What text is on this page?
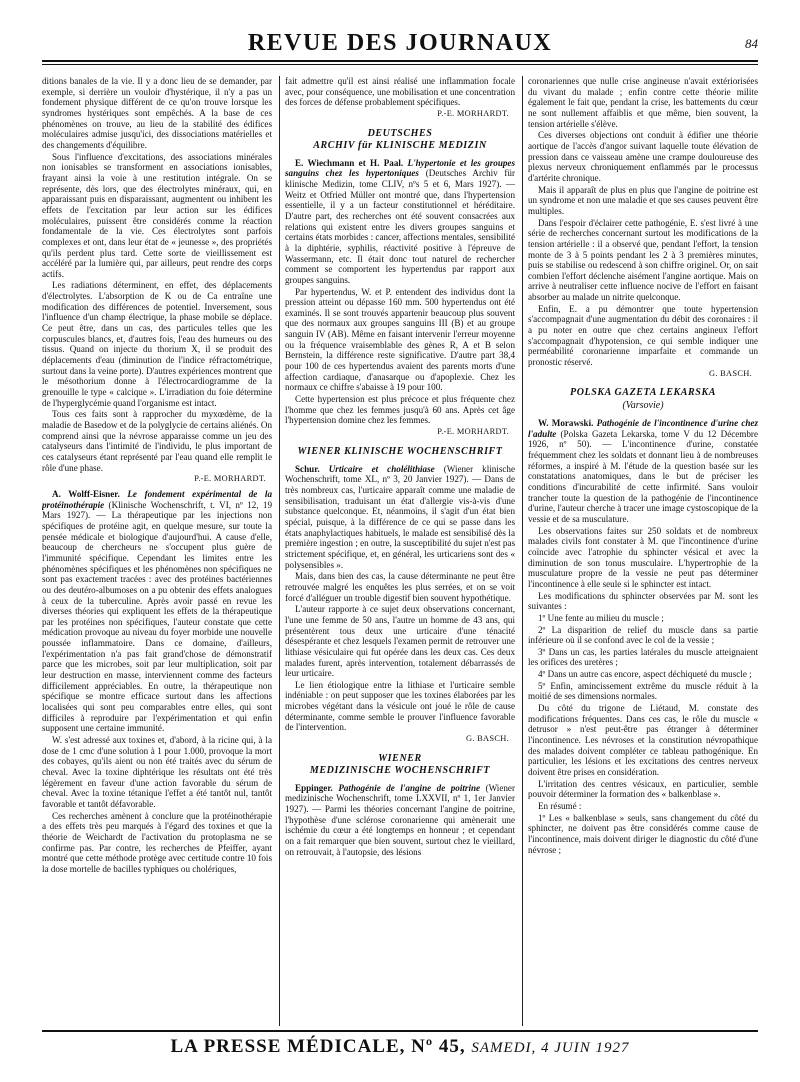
REVUE DES JOURNAUX	84

ditions banales de la vie. Il y a donc lieu de se demander, par exemple, si derrière un vouloir d'hystérique, il n'y a pas un fondement physique différent de ce qu'on trouve lorsque les syndromes hystériques sont empêchés. A la base de ces phénomènes on trouve, au lieu de la stabilité des édifices moléculaires admise jusqu'ici, des dissociations matérielles et des changements d'équilibre.

Sous l'influence d'excitations, des associations minérales non ionisables se transforment en associations ionisables, frayant ainsi la voie à une restitution intégrale. On se représente, dès lors, que des électrolytes minéraux, qui, en apparaissant puis en disparaissant, augmentent ou inhibent les effets de l'excitation par leur action sur les édifices moléculaires, puissent être considérés comme la réaction fondamentale de la vie. Ces électrolytes sont parfois complexes et ont, dans leur état de « jeunesse », des propriétés qu'ils perdent plus tard. Cette sorte de vieillissement est accéléré par la lumière qui, par ailleurs, peut rendre des corps actifs.

Les radiations déterminent, en effet, des déplacements d'électrolytes. L'absorption de K ou de Ca entraîne une modification des différences de potentiel. Inversement, sous l'influence d'un champ électrique, la phase mobile se déplace. Ce peut être, dans un cas, des particules telles que les corpuscules blancs, et, d'autres fois, l'eau des humeurs ou des tissus. Quand on injecte du thorium X, il se produit des déplacements d'eau (diminution de l'indice réfractométrique, surtout dans la veine porte). D'autres expériences montrent que le mésothorium donne à l'électrocardiogramme de la grenouille le type « calcique ». L'irradiation du foie détermine de l'hyperglycémie quand l'organisme est intact.

Tous ces faits sont à rapprocher du myxœdème, de la maladie de Basedow et de la polyglycie de certains aliénés. On comprend ainsi que la névrose apparaisse comme un jeu des catalyseurs dans l'intimité de l'individu, le plus important de ces catalyseurs étant représenté par l'eau quand elle remplit le rôle d'une phase.

P.-E. MORHARDT.

A. Wolff-Eisner. Le fondement expérimental de la protéinothérapie (Klinische Wochenschrift, t. VI, nº 12, 19 Mars 1927). — La thérapeutique par les injections non spécifiques de protéine agit, en quelque mesure, sur toute la pensée médicale et biologique d'aujourd'hui. A cause d'elle, beaucoup de chercheurs ne s'occupent plus guère de l'immunité spécifique. Cependant les limites entre les phénomènes spécifiques et les phénomènes non spécifiques ne sont pas exactement tracées : avec des protéines bactériennes ou des deutéro-albumoses on a pu obtenir des effets analogues à ceux de la tuberculine. Après avoir passé en revue les diverses théories qui expliquent les effets de la thérapeutique par les protéines non spécifiques, l'auteur constate que cette médication provoque au niveau du foyer morbide une nouvelle poussée inflammatoire. Dans ce domaine, d'ailleurs, l'expérimentation n'a pas fait grand'chose de démonstratif parce que les microbes, soit par leur multiplication, soit par leur destruction en masse, interviennent comme des facteurs difficilement appréciables. En outre, la thérapeutique non spécifique se montre efficace surtout dans les affections localisées qui sont peu comparables entre elles, qui sont difficiles à reproduire par l'expérimentation et qui enfin supposent une certaine immunité.

W. s'est adressé aux toxines et, d'abord, à la ricine qui, à la dose de 1 cmc d'une solution à 1 pour 1.000, provoque la mort des cobayes, qu'ils aient ou non été traités avec du sérum de cheval. Avec la toxine diphtérique les résultats ont été très légèrement en faveur d'une action favorable du sérum de cheval. Avec la toxine tétanique l'effet a été tantôt nul, tantôt favorable et tantôt défavorable.

Ces recherches amènent à conclure que la protéinothérapie a des effets très peu marqués à l'égard des toxines et que la théorie de Weichardt de l'activation du protoplasma ne se confirme pas. Par contre, les recherches de Pfeiffer, ayant montré que cette méthode protège avec certitude contre 10 fois la dose mortelle de bacilles typhiques ou cholériques,

fait admettre qu'il est ainsi réalisé une inflammation focale avec, pour conséquence, une mobilisation et une concentration des forces de défense probablement spécifiques.

P.-E. MORHARDT.
DEUTSCHES
ARCHIV für KLINISCHE MEDIZIN

E. Wiechmann et H. Paal. L'hypertonie et les groupes sanguins chez les hypertoniques (Deutsches Archiv für klinische Medizin, tome CLIV, nºs 5 et 6, Mars 1927). — Weitz et Otfried Müller ont montré que, dans l'hypertension essentielle, il y a un facteur constitutionnel et héréditaire. D'autre part, des recherches ont été souvent consacrées aux relations qui existent entre les divers groupes sanguins et certains états morbides : cancer, affections mentales, sensibilité à la diphtérie, syphilis, réactivité positive à l'épreuve de Wassermann, etc. Il était donc tout naturel de rechercher comment se comportent les hypertendus par rapport aux groupes sanguins.

Par hypertendus, W. et P. entendent des individus dont la pression atteint ou dépasse 160 mm. 500 hypertendus ont été examinés. Il se sont trouvés appartenir beaucoup plus souvent que des normaux aux groupes sanguins III (B) et au groupe sanguin IV (AB). Même en faisant intervenir l'erreur moyenne ou la fréquence vraisemblable des gènes R, A et B selon Bernstein, la différence reste significative. D'autre part 38,4 pour 100 de ces hypertendus avaient des parents morts d'une affection cardiaque, d'anasarque ou d'apoplexie. Chez les normaux ce chiffre s'abaisse à 19 pour 100.

Cette hypertension est plus précoce et plus fréquente chez l'homme que chez les femmes jusqu'à 60 ans. Après cet âge l'hypertension domine chez les femmes.

P.-E. MORHARDT.
WIENER KLINISCHE WOCHENSCHRIFT

Schur. Urticaire et cholélithiase (Wiener klinische Wochenschrift, tome XL, nº 3, 20 Janvier 1927). — Dans de très nombreux cas, l'urticaire apparaît comme une maladie de sensibilisation, traduisant un état d'allergie vis-à-vis d'une substance quelconque. Et, néanmoins, il s'agit d'un état bien spécial, puisque, à la différence de ce qui se passe dans les états anaphylactiques habituels, le malade est sensibilisé dès la première ingestion ; en outre, la susceptibilité du sujet n'est pas strictement spécifique, et, en général, les urticariens sont des « polysensibles ».

Mais, dans bien des cas, la cause déterminante ne peut être retrouvée malgré les enquêtes les plus serrées, et on se voit forcé d'alléguer un trouble digestif bien souvent hypothétique.

L'auteur rapporte à ce sujet deux observations concernant, l'une une femme de 50 ans, l'autre un homme de 43 ans, qui présentèrent tous deux une urticaire d'une ténacité désespérante et chez lesquels l'examen permit de retrouver une lithiase vésiculaire qui fut opérée dans les deux cas. Ces deux malades furent, après intervention, totalement débarrassés de leur urticaire.

Le lien étiologique entre la lithiase et l'urticaire semble indéniable : on peut supposer que les toxines élaborées par les microbes végétant dans la vésicule ont joué le rôle de cause déterminante, comme semble le prouver l'influence favorable de l'intervention.

G. BASCH.
WIENER
MEDIZINISCHE WOCHENSCHRIFT

Eppinger. Pathogénie de l'angine de poitrine (Wiener medizinische Wochenschrift, tome LXXVII, nº 1, 1er Janvier 1927). — Parmi les théories concernant l'angine de poitrine, l'hypothèse d'une sclérose coronarienne qui amènerait une ischémie du cœur a été longtemps en honneur ; et cependant on a fait remarquer que bien souvent, surtout chez le vieillard, on retrouvait, à l'autopsie, des lésions

coronariennes que nulle crise angineuse n'avait extériorisées du vivant du malade ; enfin contre cette théorie milite également le fait que, pendant la crise, les battements du cœur ne sont nullement affaiblis et que même, bien souvent, la tension artérielle s'élève.

Ces diverses objections ont conduit à édifier une théorie aortique de l'accès d'angor suivant laquelle toute élévation de pression dans ce vaisseau amène une crampe douloureuse des plexus nerveux chroniquement enflammés par le processus d'artérite chronique.

Mais il apparaît de plus en plus que l'angine de poitrine est un syndrome et non une maladie et que ses causes peuvent être multiples.

Dans l'espoir d'éclairer cette pathogénie, E. s'est livré à une série de recherches concernant surtout les modifications de la tension artérielle : il a observé que, pendant l'effort, la tension monte de 3 à 5 points pendant les 2 à 3 premières minutes, puis se stabilise ou redescend à son chiffre originel. Or, on sait combien l'effort déclenche aisément l'angine aortique. Mais on arrive à neutraliser cette influence nocive de l'effort en faisant absorber au malade un nitrite quelconque.

Enfin, E. a pu démontrer que toute hypertension s'accompagnait d'une augmentation du débit des coronaires : il a pu noter en outre que chez certains angineux l'effort s'accompagnait d'hypotension, ce qui semble indiquer une perméabilité coronarienne imparfaite et commande un pronostic réservé.

G. BASCH.
POLSKA GAZETA LEKARSKA
(Varsovie)

W. Morawski. Pathogénie de l'incontinence d'urine chez l'adulte (Polska Gazeta Lekarska, tome V du 12 Décembre 1926, nº 50). — L'incontinence d'urine, constatée fréquemment chez les soldats et donnant lieu à de nombreuses réformes, a inspiré à M. l'étude de la question basée sur les constatations anatomiques, dans le but de préciser les conditions d'incurabilité de cette infirmité. Sans vouloir trancher toute la question de la pathogénie de l'incontinence d'urine, l'auteur cherche à tracer une image cystoscopique de la vessie et de sa musculature.

Les observations faites sur 250 soldats et de nombreux malades civils font constater à M. que l'incontinence d'urine coïncide avec l'atrophie du sphincter vésical et avec la diminution de son tonus musculaire. L'hypertrophie de la musculature propre de la vessie ne peut pas déterminer l'incontinence à elle seule si le sphincter est intact.

Les modifications du sphincter observées par M. sont les suivantes :

1º Une fente au milieu du muscle ;

2º La disparition de relief du muscle dans sa partie inférieure où il se confond avec le col de la vessie ;

3º Dans un cas, les parties latérales du muscle atteignaient les orifices des uretères ;

4º Dans un autre cas encore, aspect déchiqueté du muscle ;

5º Enfin, amincissement extrême du muscle réduit à la moitié de ses dimensions normales.

Du côté du trigone de Liétaud, M. constate des modifications fréquentes. Dans ces cas, le rôle du muscle « detrusor » n'est peut-être pas étranger à déterminer l'incontinence. Les névroses et la constitution névropathique des malades doivent compléter ce tableau pathogénique. En particulier, les lésions et les excitations des centres nerveux doivent être prises en considération.

L'irritation des centres vésicaux, en particulier, semble pouvoir déterminer la formation des « balkenblase ».

En résumé :

1º Les « balkenblase » seuls, sans changement du côté du sphincter, ne doivent pas être considérés comme cause de l'incontinence, mais doivent diriger le diagnostic du côté d'une névrose ;

LA PRESSE MÉDICALE, Nº 45, SAMEDI, 4 JUIN 1927
